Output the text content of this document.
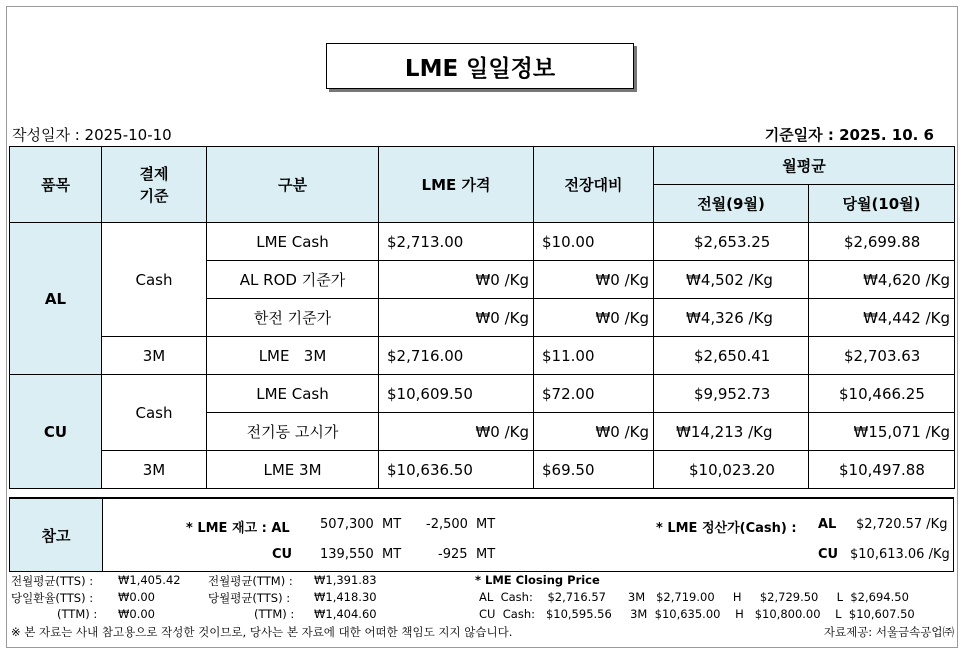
LME 일일정보
작성일자 : 2025-10-10	기준일자 : 2025. 10. 6
품목	결제
기준	구분	LME 가격	전장대비	월평균	
					전월(9월)	당월(10월)
AL	Cash	LME Cash	$2,713.00	$10.00	$2,653.25	$2,699.88
		AL ROD 기준가	₩0 /Kg	₩0 /Kg	₩4,502 /Kg	₩4,620 /Kg
		한전 기준가	₩0 /Kg	₩0 /Kg	₩4,326 /Kg	₩4,442 /Kg
	3M	LME   3M	$2,716.00	$11.00	$2,650.41	$2,703.63
CU	Cash	LME Cash	$10,609.50	$72.00	$9,952.73	$10,466.25
		전기동 고시가	₩0 /Kg	₩0 /Kg	₩14,213 /Kg	₩15,071 /Kg
	3M	LME 3M	$10,636.50	$69.50	$10,023.20	$10,497.88
참고	* LME 재고 : AL 507,300 MT -2,500 MT
CU 139,550 MT	-925 MT
* LME 정산가(Cash) : AL $2,720.57 /Kg
CU $10,613.06 /Kg
전월평균(TTS) : ₩1,405.42 전월평균(TTM) : ₩1,391.83
당일환율(TTS) : ₩0.00	당월평균(TTS) : ₩1,418.30
(TTM) : ₩0.00	(TTM) : ₩1,404.60
* LME Closing Price
AL  Cash:    $2,716.57      3M   $2,719.00     H     $2,729.50     L  $2,694.50
CU  Cash:   $10,595.56     3M  $10,635.00    H   $10,800.00    L  $10,607.50
※ 본 자료는 사내 참고용으로 작성한 것이므로, 당사는 본 자료에 대한 어떠한 책임도 지지 않습니다.	자료제공: 서울금속공업㈜
